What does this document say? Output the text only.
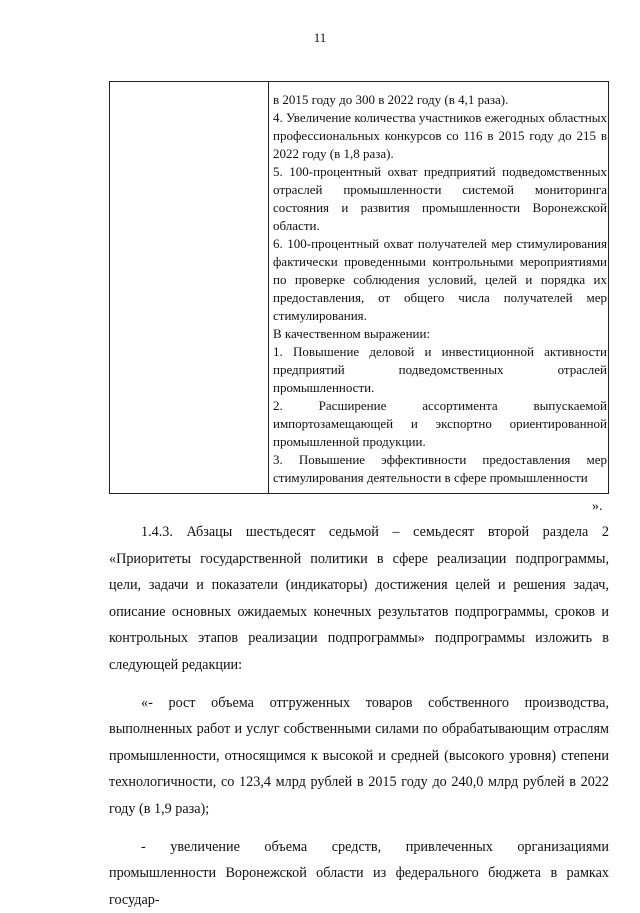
11

в 2015 году до 300 в 2022 году (в 4,1 раза).

4. Увеличение количества участников ежегодных областных профессиональных конкурсов со 116 в 2015 году до 215 в 2022 году (в 1,8 раза).

5. 100-процентный охват предприятий подведомственных отраслей промышленности системой мониторинга состояния и развития промышленности Воронежской области.

6. 100-процентный охват получателей мер стимулирования фактически проведенными контрольными мероприятиями по проверке соблюдения условий, целей и порядка их предоставления, от общего числа получателей мер стимулирования.

В качественном выражении:

1. Повышение деловой и инвестиционной активности предприятий подведомственных отраслей промышленности.

2. Расширение ассортимента выпускаемой импортозамещающей и экспортно ориентированной промышленной продукции.

3. Повышение эффективности предоставления мер стимулирования деятельности в сфере промышленности

».

1.4.3. Абзацы шестьдесят седьмой – семьдесят второй раздела 2 «Приоритеты государственной политики в сфере реализации подпрограммы, цели, задачи и показатели (индикаторы) достижения целей и решения задач, описание основных ожидаемых конечных результатов подпрограммы, сроков и контрольных этапов реализации подпрограммы» подпрограммы изложить в следующей редакции:

«- рост объема отгруженных товаров собственного производства, выполненных работ и услуг собственными силами по обрабатывающим отраслям промышленности, относящимся к высокой и средней (высокого уровня) степени технологичности, со 123,4 млрд рублей в 2015 году до 240,0 млрд рублей в 2022 году (в 1,9 раза);

- увеличение объема средств, привлеченных организациями промышленности Воронежской области из федерального бюджета в рамках государ-
